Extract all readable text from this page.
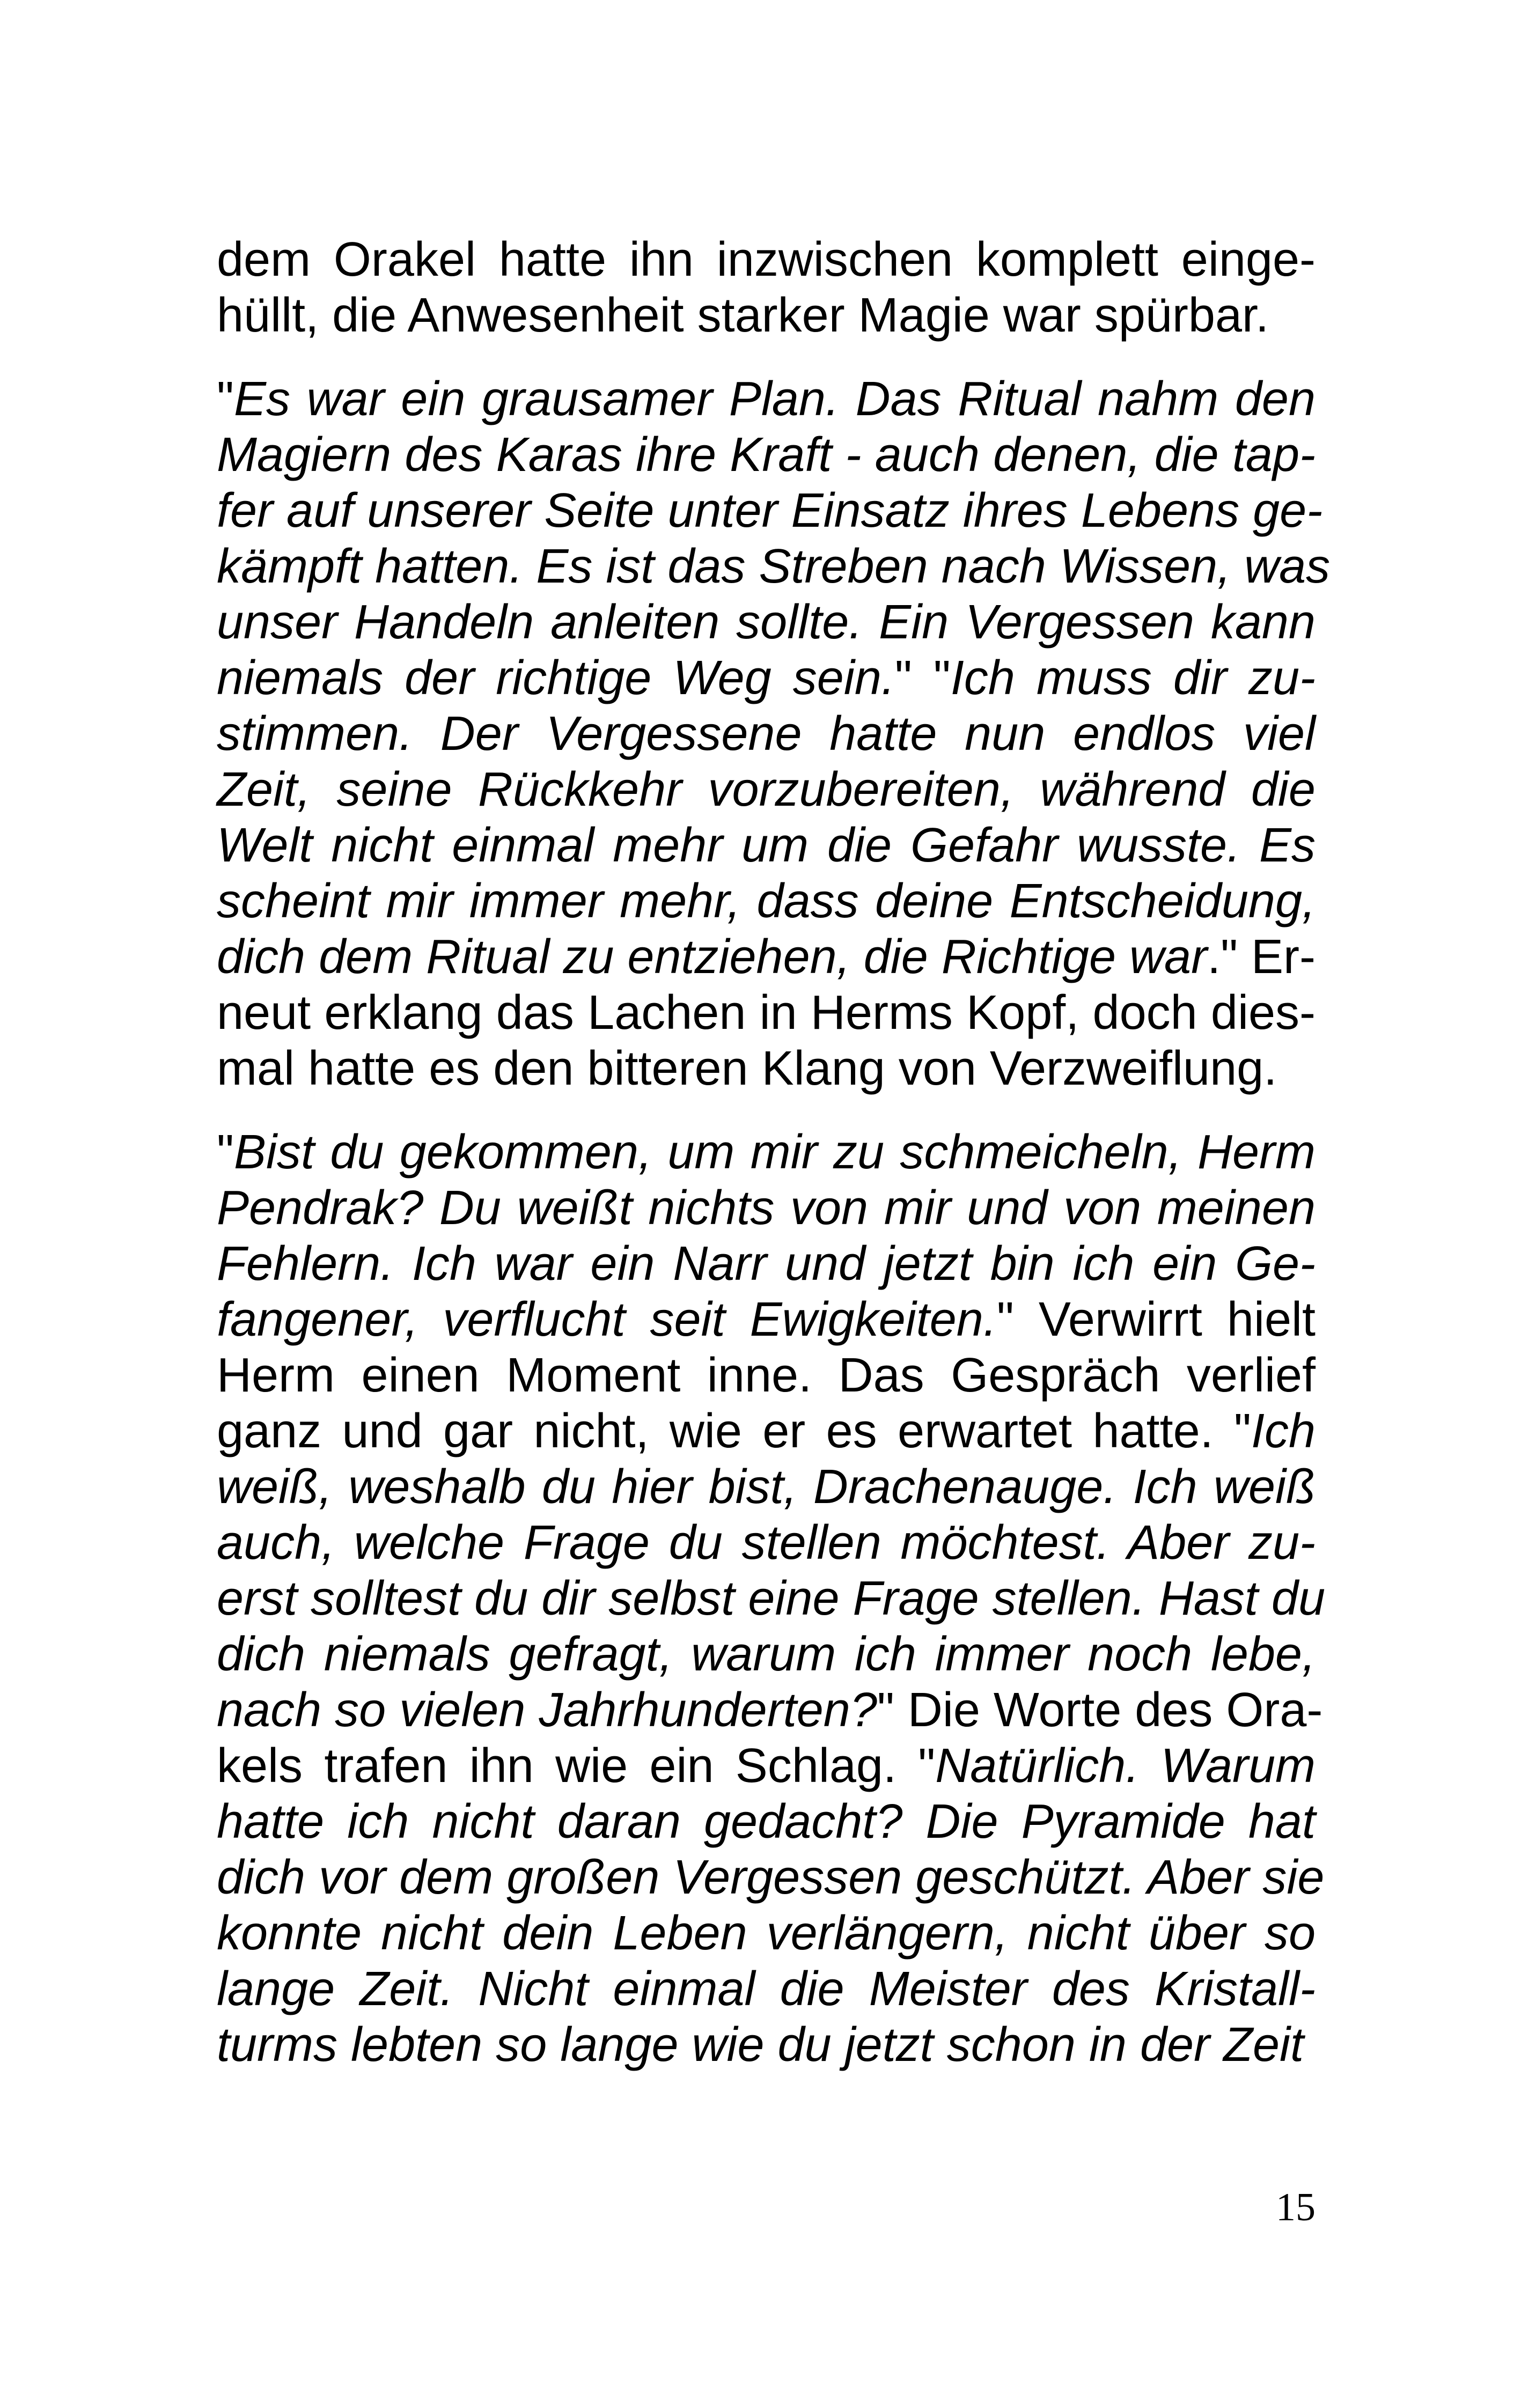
dem Orakel hatte ihn inzwischen komplett einge-
hüllt, die Anwesenheit starker Magie war spürbar.
"Es war ein grausamer Plan. Das Ritual nahm den
Magiern des Karas ihre Kraft - auch denen, die tap-
fer auf unserer Seite unter Einsatz ihres Lebens ge-
kämpft hatten. Es ist das Streben nach Wissen, was
unser Handeln anleiten sollte. Ein Vergessen kann
niemals der richtige Weg sein." "Ich muss dir zu-
stimmen. Der Vergessene hatte nun endlos viel
Zeit, seine Rückkehr vorzubereiten, während die
Welt nicht einmal mehr um die Gefahr wusste. Es
scheint mir immer mehr, dass deine Entscheidung,
dich dem Ritual zu entziehen, die Richtige war." Er-
neut erklang das Lachen in Herms Kopf, doch dies-
mal hatte es den bitteren Klang von Verzweiflung.
"Bist du gekommen, um mir zu schmeicheln, Herm
Pendrak? Du weißt nichts von mir und von meinen
Fehlern. Ich war ein Narr und jetzt bin ich ein Ge-
fangener, verflucht seit Ewigkeiten." Verwirrt hielt
Herm einen Moment inne. Das Gespräch verlief
ganz und gar nicht, wie er es erwartet hatte. "Ich
weiß, weshalb du hier bist, Drachenauge. Ich weiß
auch, welche Frage du stellen möchtest. Aber zu-
erst solltest du dir selbst eine Frage stellen. Hast du
dich niemals gefragt, warum ich immer noch lebe,
nach so vielen Jahrhunderten?" Die Worte des Ora-
kels trafen ihn wie ein Schlag. "Natürlich. Warum
hatte ich nicht daran gedacht? Die Pyramide hat
dich vor dem großen Vergessen geschützt. Aber sie
konnte nicht dein Leben verlängern, nicht über so
lange Zeit. Nicht einmal die Meister des Kristall-
turms lebten so lange wie du jetzt schon in der Zeit
15
